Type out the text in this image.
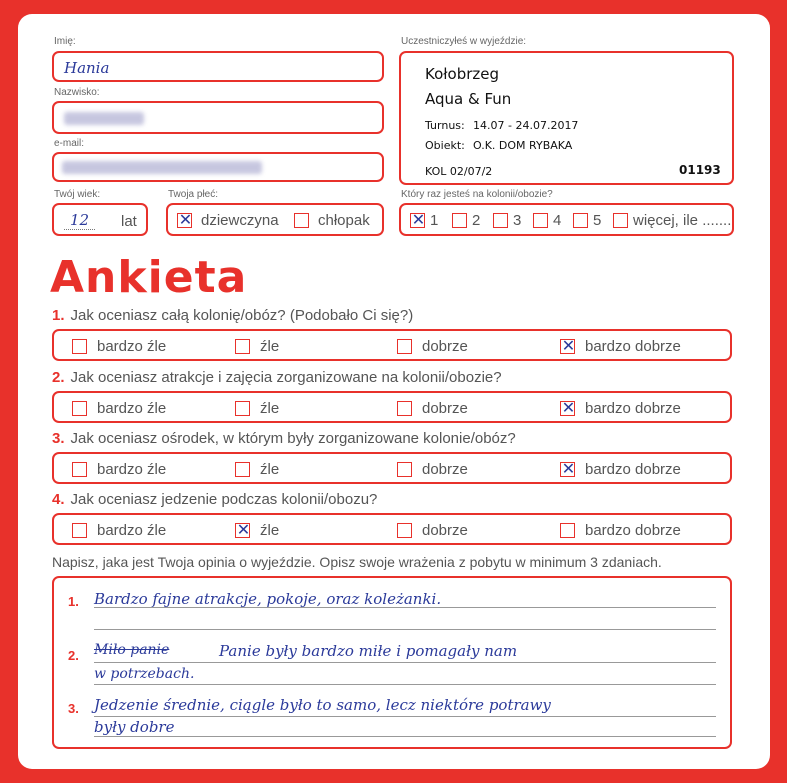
Imię:
Hania
Nazwisko:
e-mail:
Twój wiek:
12	lat
Twoja płeć:
✕ dziewczyna	chłopak
Uczestniczyłeś w wyjeździe:
Kołobrzeg
Aqua & Fun
Turnus: 14.07 - 24.07.2017
Obiekt: O.K. DOM RYBAKA
KOL 02/07/2	01193
Który raz jesteś na kolonii/obozie?
✕ 1 2 3 4 5 więcej, ile .......
Ankieta
1. Jak oceniasz całą kolonię/obóz? (Podobało Ci się?)
bardzo źle	źle	dobrze	✕ bardzo dobrze
2. Jak oceniasz atrakcje i zajęcia zorganizowane na kolonii/obozie?
bardzo źle	źle	dobrze	✕ bardzo dobrze
3. Jak oceniasz ośrodek, w którym były zorganizowane kolonie/obóz?
bardzo źle	źle	dobrze	✕ bardzo dobrze
4. Jak oceniasz jedzenie podczas kolonii/obozu?
bardzo źle	✕ źle	dobrze	bardzo dobrze
Napisz, jaka jest Twoja opinia o wyjeździe. Opisz swoje wrażenia z pobytu w minimum 3 zdaniach.
1. Bardzo fajne atrakcje, pokoje, oraz koleżanki.
2. Miło panie	Panie były bardzo miłe i pomagały nam
w potrzebach.
3. Jedzenie średnie, ciągle było to samo, lecz niektóre potrawy
były dobre
